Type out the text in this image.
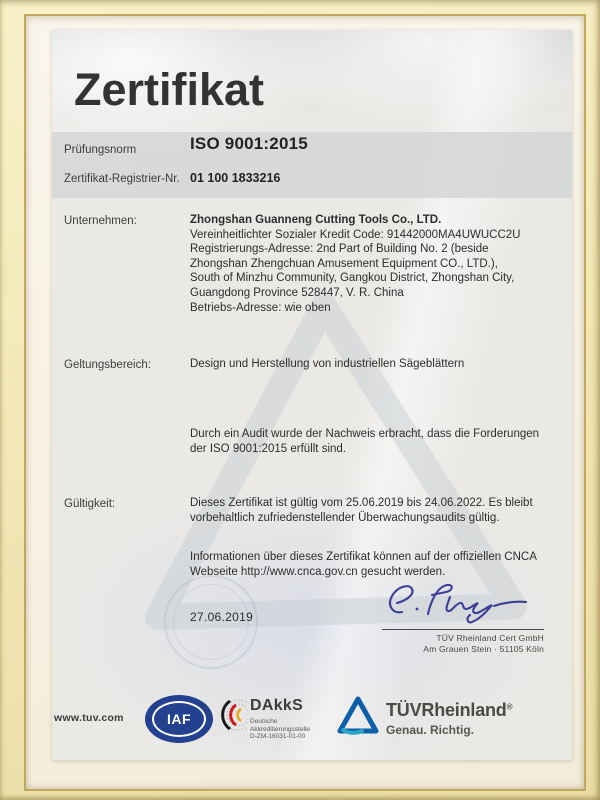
Zertifikat
Prüfungsnorm	ISO 9001:2015
Zertifikat-Registrier-Nr. 01 100 1833216
Unternehmen:	Zhongshan Guanneng Cutting Tools Co., LTD.
Vereinheitlichter Sozialer Kredit Code: 91442000MA4UWUCC2U
Registrierungs-Adresse: 2nd Part of Building No. 2 (beside
Zhongshan Zhengchuan Amusement Equipment CO., LTD.),
South of Minzhu Community, Gangkou District, Zhongshan City,
Guangdong Province 528447, V. R. China
Betriebs-Adresse: wie oben
Geltungsbereich:	Design und Herstellung von industriellen Sägeblättern
Durch ein Audit wurde der Nachweis erbracht, dass die Forderungen der ISO 9001:2015 erfüllt sind.
Gültigkeit:	Dieses Zertifikat ist gültig vom 25.06.2019 bis 24.06.2022. Es bleibt vorbehaltlich zufriedenstellender Überwachungsaudits gültig.
Informationen über dieses Zertifikat können auf der offiziellen CNCA Webseite http://www.cnca.gov.cn gesucht werden.
27.06.2019
TÜV Rheinland Cert GmbH
Am Grauen Stein · 51105 Köln
www.tuv.com	IAF
DAkkS
Deutsche
Akkreditierungsstelle
D-ZM-16031-01-00
TÜVRheinland®
Genau. Richtig.
